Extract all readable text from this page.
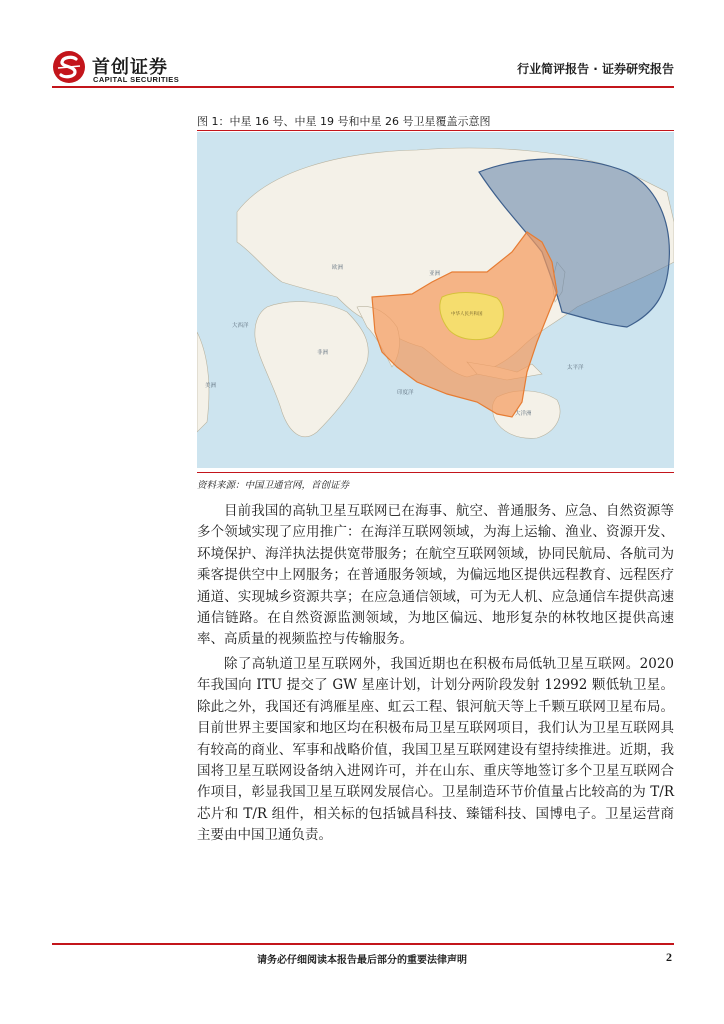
首创证券
CAPITAL SECURITIES
行业简评报告 · 证券研究报告
图 1：中星 16 号、中星 19 号和中星 26 号卫星覆盖示意图
欧洲
亚洲
大西洋
非洲
美洲
印度洋
太平洋
大洋洲
中华人民共和国
资料来源：中国卫通官网，首创证券

目前我国的高轨卫星互联网已在海事、航空、普通服务、应急、自然资源等多个领域实现了应用推广：在海洋互联网领域，为海上运输、渔业、资源开发、环境保护、海洋执法提供宽带服务；在航空互联网领域，协同民航局、各航司为乘客提供空中上网服务；在普通服务领域，为偏远地区提供远程教育、远程医疗通道、实现城乡资源共享；在应急通信领域，可为无人机、应急通信车提供高速通信链路。在自然资源监测领域，为地区偏远、地形复杂的林牧地区提供高速率、高质量的视频监控与传输服务。

除了高轨道卫星互联网外，我国近期也在积极布局低轨卫星互联网。2020年我国向 ITU 提交了 GW 星座计划，计划分两阶段发射 12992 颗低轨卫星。除此之外，我国还有鸿雁星座、虹云工程、银河航天等上千颗互联网卫星布局。目前世界主要国家和地区均在积极布局卫星互联网项目，我们认为卫星互联网具有较高的商业、军事和战略价值，我国卫星互联网建设有望持续推进。近期，我国将卫星互联网设备纳入进网许可，并在山东、重庆等地签订多个卫星互联网合作项目，彰显我国卫星互联网发展信心。卫星制造环节价值量占比较高的为 T/R 芯片和 T/R 组件，相关标的包括铖昌科技、臻镭科技、国博电子。卫星运营商主要由中国卫通负责。

请务必仔细阅读本报告最后部分的重要法律声明	2
